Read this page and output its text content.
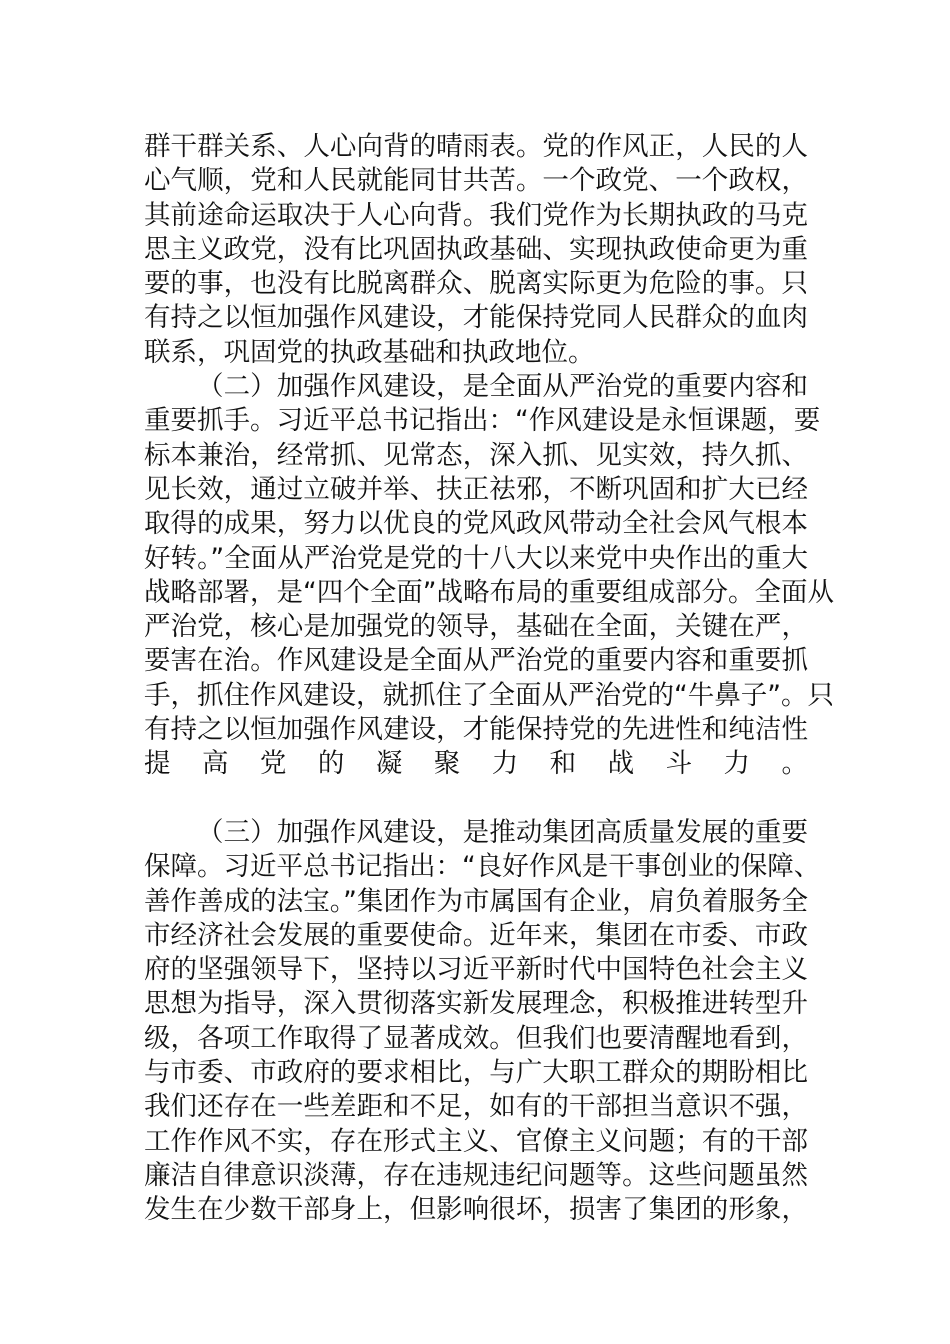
群干群关系、人心向背的晴雨表。党的作风正，人民的人
心气顺，党和人民就能同甘共苦。一个政党、一个政权，
其前途命运取决于人心向背。我们党作为长期执政的马克
思主义政党，没有比巩固执政基础、实现执政使命更为重
要的事，也没有比脱离群众、脱离实际更为危险的事。只
有持之以恒加强作风建设，才能保持党同人民群众的血肉
联系，巩固党的执政基础和执政地位。
（二）加强作风建设，是全面从严治党的重要内容和
重要抓手。习近平总书记指出：“作风建设是永恒课题，要
标本兼治，经常抓、见常态，深入抓、见实效，持久抓、
见长效，通过立破并举、扶正祛邪，不断巩固和扩大已经
取得的成果，努力以优良的党风政风带动全社会风气根本
好转。”全面从严治党是党的十八大以来党中央作出的重大
战略部署，是“四个全面”战略布局的重要组成部分。全面从
严治党，核心是加强党的领导，基础在全面，关键在严，
要害在治。作风建设是全面从严治党的重要内容和重要抓
手，抓住作风建设，就抓住了全面从严治党的“牛鼻子”。只
有持之以恒加强作风建设，才能保持党的先进性和纯洁性
提高党的凝聚力和战斗力。
（三）加强作风建设，是推动集团高质量发展的重要
保障。习近平总书记指出：“良好作风是干事创业的保障、
善作善成的法宝。”集团作为市属国有企业，肩负着服务全
市经济社会发展的重要使命。近年来，集团在市委、市政
府的坚强领导下，坚持以习近平新时代中国特色社会主义
思想为指导，深入贯彻落实新发展理念，积极推进转型升
级，各项工作取得了显著成效。但我们也要清醒地看到，
与市委、市政府的要求相比，与广大职工群众的期盼相比
我们还存在一些差距和不足，如有的干部担当意识不强，
工作作风不实，存在形式主义、官僚主义问题；有的干部
廉洁自律意识淡薄，存在违规违纪问题等。这些问题虽然
发生在少数干部身上，但影响很坏，损害了集团的形象，
